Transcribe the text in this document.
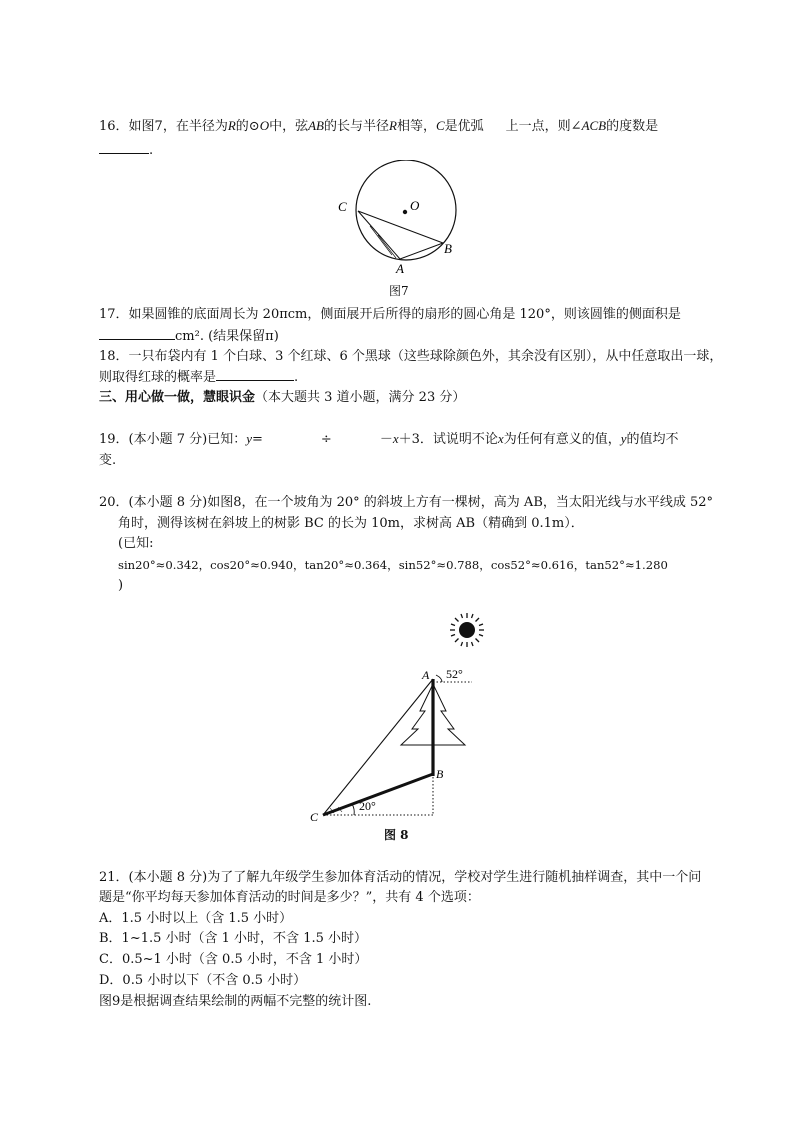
16．如图7，在半径为R的⊙O中，弦AB的长与半径R相等，C是优弧 上一点，则∠ACB的度数是
.
O
C
B
A
图7
17．如果圆锥的底面周长为 20πcm，侧面展开后所得的扇形的圆心角是 120°，则该圆锥的侧面积是
cm². (结果保留π)
18．一只布袋内有 1 个白球、3 个红球、6 个黑球（这些球除颜色外，其余没有区别），从中任意取出一球，
则取得红球的概率是	.
三、用心做一做，慧眼识金（本大题共 3 道小题，满分 23 分）
19．(本小题 7 分)已知：y=	÷	－x＋3．试说明不论x为任何有意义的值，y的值均不
变.
20．(本小题 8 分)如图8，在一个坡角为 20° 的斜坡上方有一棵树，高为 AB，当太阳光线与水平线成 52°
角时，测得该树在斜坡上的树影 BC 的长为 10m，求树高 AB（精确到 0.1m）．
(已知:
sin20°≈0.342，cos20°≈0.940，tan20°≈0.364，sin52°≈0.788，cos52°≈0.616，tan52°≈1.280
)
A 52°
B
20°
C
图 8
21．(本小题 8 分)为了了解九年级学生参加体育活动的情况，学校对学生进行随机抽样调查，其中一个问
题是“你平均每天参加体育活动的时间是多少？”，共有 4 个选项：
A．1.5 小时以上（含 1.5 小时）
B．1~1.5 小时（含 1 小时，不含 1.5 小时）
C．0.5~1 小时（含 0.5 小时，不含 1 小时）
D．0.5 小时以下（不含 0.5 小时）
图9是根据调查结果绘制的两幅不完整的统计图.
